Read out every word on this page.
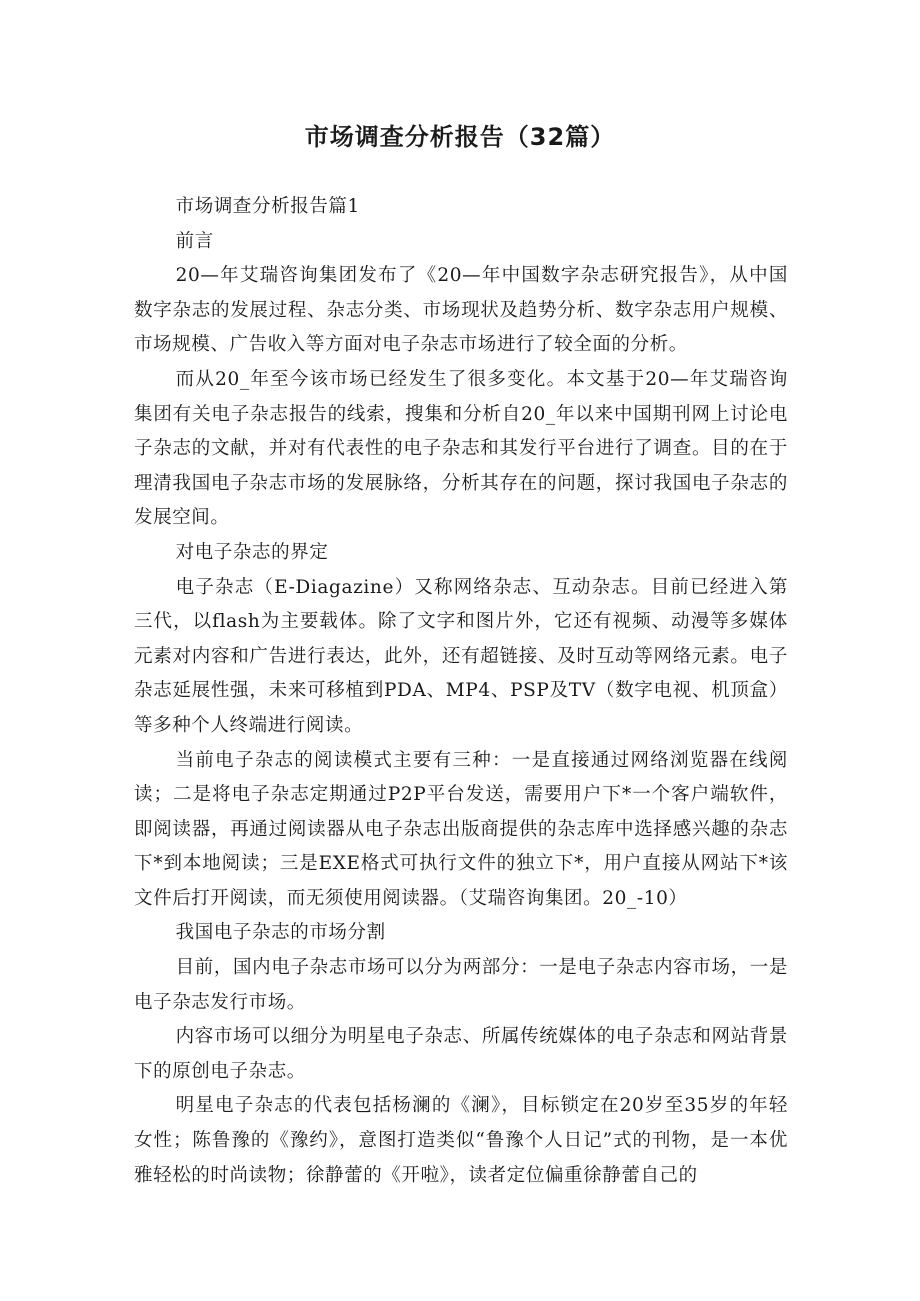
市场调查分析报告（32篇）

市场调查分析报告篇1

前言

20—年艾瑞咨询集团发布了《20—年中国数字杂志研究报告》，从中国数字杂志的发展过程、杂志分类、市场现状及趋势分析、数字杂志用户规模、市场规模、广告收入等方面对电子杂志市场进行了较全面的分析。

而从20_年至今该市场已经发生了很多变化。本文基于20—年艾瑞咨询集团有关电子杂志报告的线索，搜集和分析自20_年以来中国期刊网上讨论电子杂志的文献，并对有代表性的电子杂志和其发行平台进行了调查。目的在于理清我国电子杂志市场的发展脉络，分析其存在的问题，探讨我国电子杂志的发展空间。

对电子杂志的界定

电子杂志（E-Diagazine）又称网络杂志、互动杂志。目前已经进入第三代，以flash为主要载体。除了文字和图片外，它还有视频、动漫等多媒体元素对内容和广告进行表达，此外，还有超链接、及时互动等网络元素。电子杂志延展性强，未来可移植到PDA、MP4、PSP及TV（数字电视、机顶盒）等多种个人终端进行阅读。

当前电子杂志的阅读模式主要有三种：一是直接通过网络浏览器在线阅读；二是将电子杂志定期通过P2P平台发送，需要用户下*一个客户端软件，即阅读器，再通过阅读器从电子杂志出版商提供的杂志库中选择感兴趣的杂志下*到本地阅读；三是EXE格式可执行文件的独立下*，用户直接从网站下*该文件后打开阅读，而无须使用阅读器。（艾瑞咨询集团。20_-10）

我国电子杂志的市场分割

目前，国内电子杂志市场可以分为两部分：一是电子杂志内容市场，一是电子杂志发行市场。

内容市场可以细分为明星电子杂志、所属传统媒体的电子杂志和网站背景下的原创电子杂志。

明星电子杂志的代表包括杨澜的《澜》，目标锁定在20岁至35岁的年轻女性；陈鲁豫的《豫约》，意图打造类似“鲁豫个人日记”式的刊物，是一本优雅轻松的时尚读物；徐静蕾的《开啦》，读者定位偏重徐静蕾自己的
